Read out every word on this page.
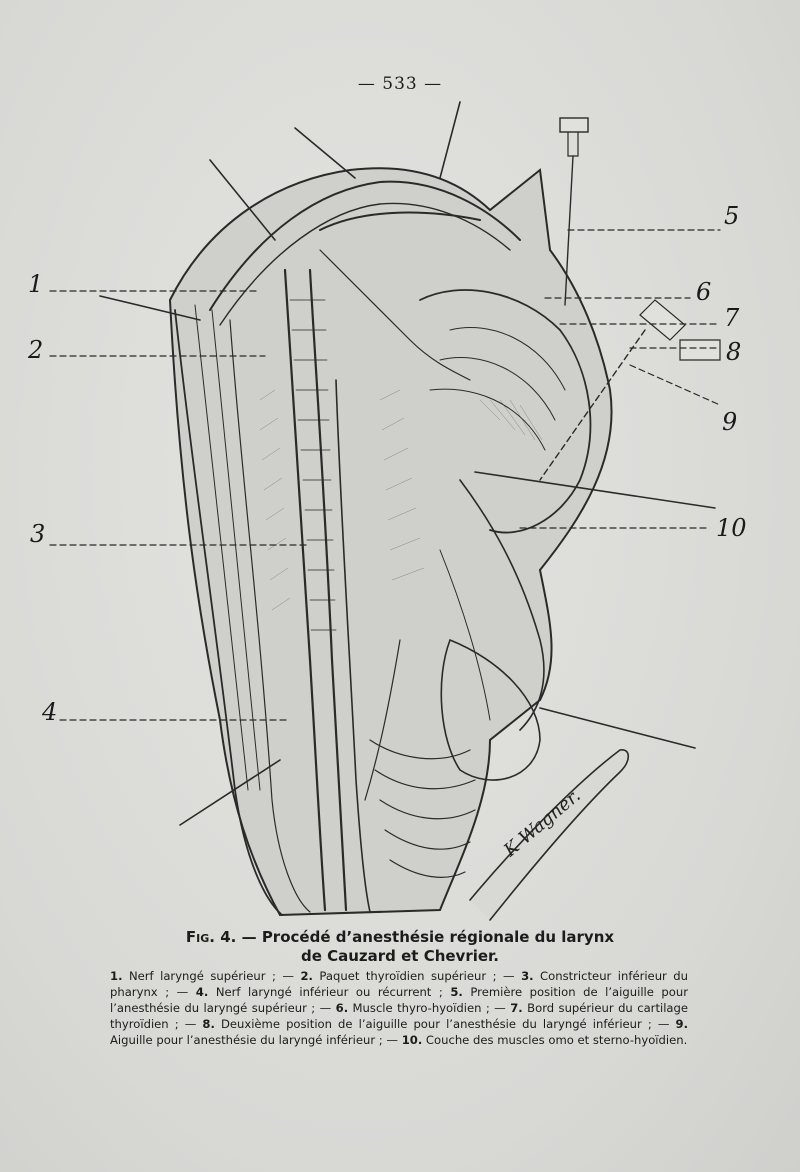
— 533 —
1
2
3
4
5
6
7
8
9
10
K Wagner.
Fig. 4. — Procédé d’anesthésie régionale du larynx
de Cauzard et Chevrier.
1. Nerf laryngé supérieur ; — 2. Paquet thyroïdien supérieur ; — 3. Constricteur inférieur du pharynx ; — 4. Nerf laryngé inférieur ou récurrent ; 5. Première position de l’aiguille pour l’anesthésie du laryngé supérieur ; — 6. Muscle thyro-hyoïdien ; — 7. Bord supérieur du cartilage thyroïdien ; — 8. Deuxième position de l’aiguille pour l’anesthésie du laryngé inférieur ; — 9. Aiguille pour l’anesthésie du laryngé inférieur ; — 10. Couche des muscles omo et sterno-hyoïdien.
